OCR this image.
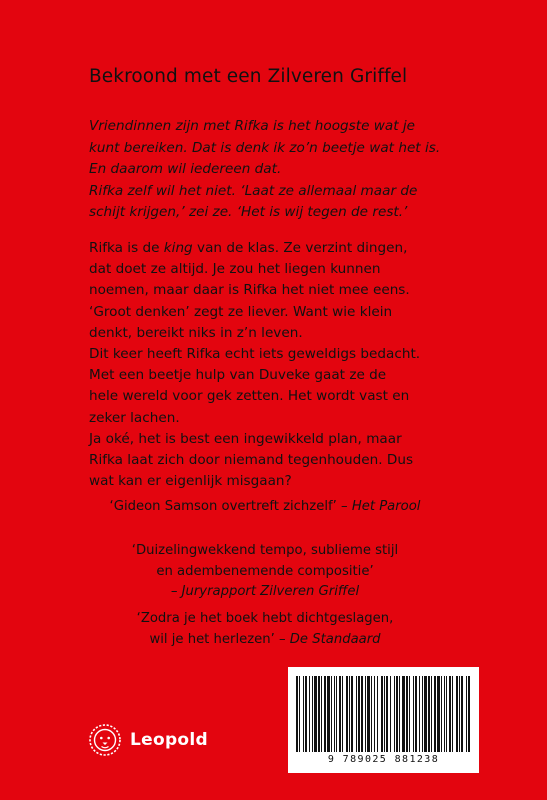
Bekroond met een Zilveren Griffel
Vriendinnen zijn met Rifka is het hoogste wat je
kunt bereiken. Dat is denk ik zo’n beetje wat het is.
En daarom wil iedereen dat.
Rifka zelf wil het niet. ‘Laat ze allemaal maar de
schijt krijgen,’ zei ze. ‘Het is wij tegen de rest.’
Rifka is de king van de klas. Ze verzint dingen,
dat doet ze altijd. Je zou het liegen kunnen
noemen, maar daar is Rifka het niet mee eens.
‘Groot denken’ zegt ze liever. Want wie klein
denkt, bereikt niks in z’n leven.
Dit keer heeft Rifka echt iets geweldigs bedacht.
Met een beetje hulp van Duveke gaat ze de
hele wereld voor gek zetten. Het wordt vast en
zeker lachen.
Ja oké, het is best een ingewikkeld plan, maar
Rifka laat zich door niemand tegenhouden. Dus
wat kan er eigenlijk misgaan?
‘Gideon Samson overtreft zichzelf’ – Het Parool
‘Duizelingwekkend tempo, sublieme stijl
en adembenemende compositie’
– Juryrapport Zilveren Griffel
‘Zodra je het boek hebt dichtgeslagen,
wil je het herlezen’ – De Standaard
Leopold
9 789025 881238
